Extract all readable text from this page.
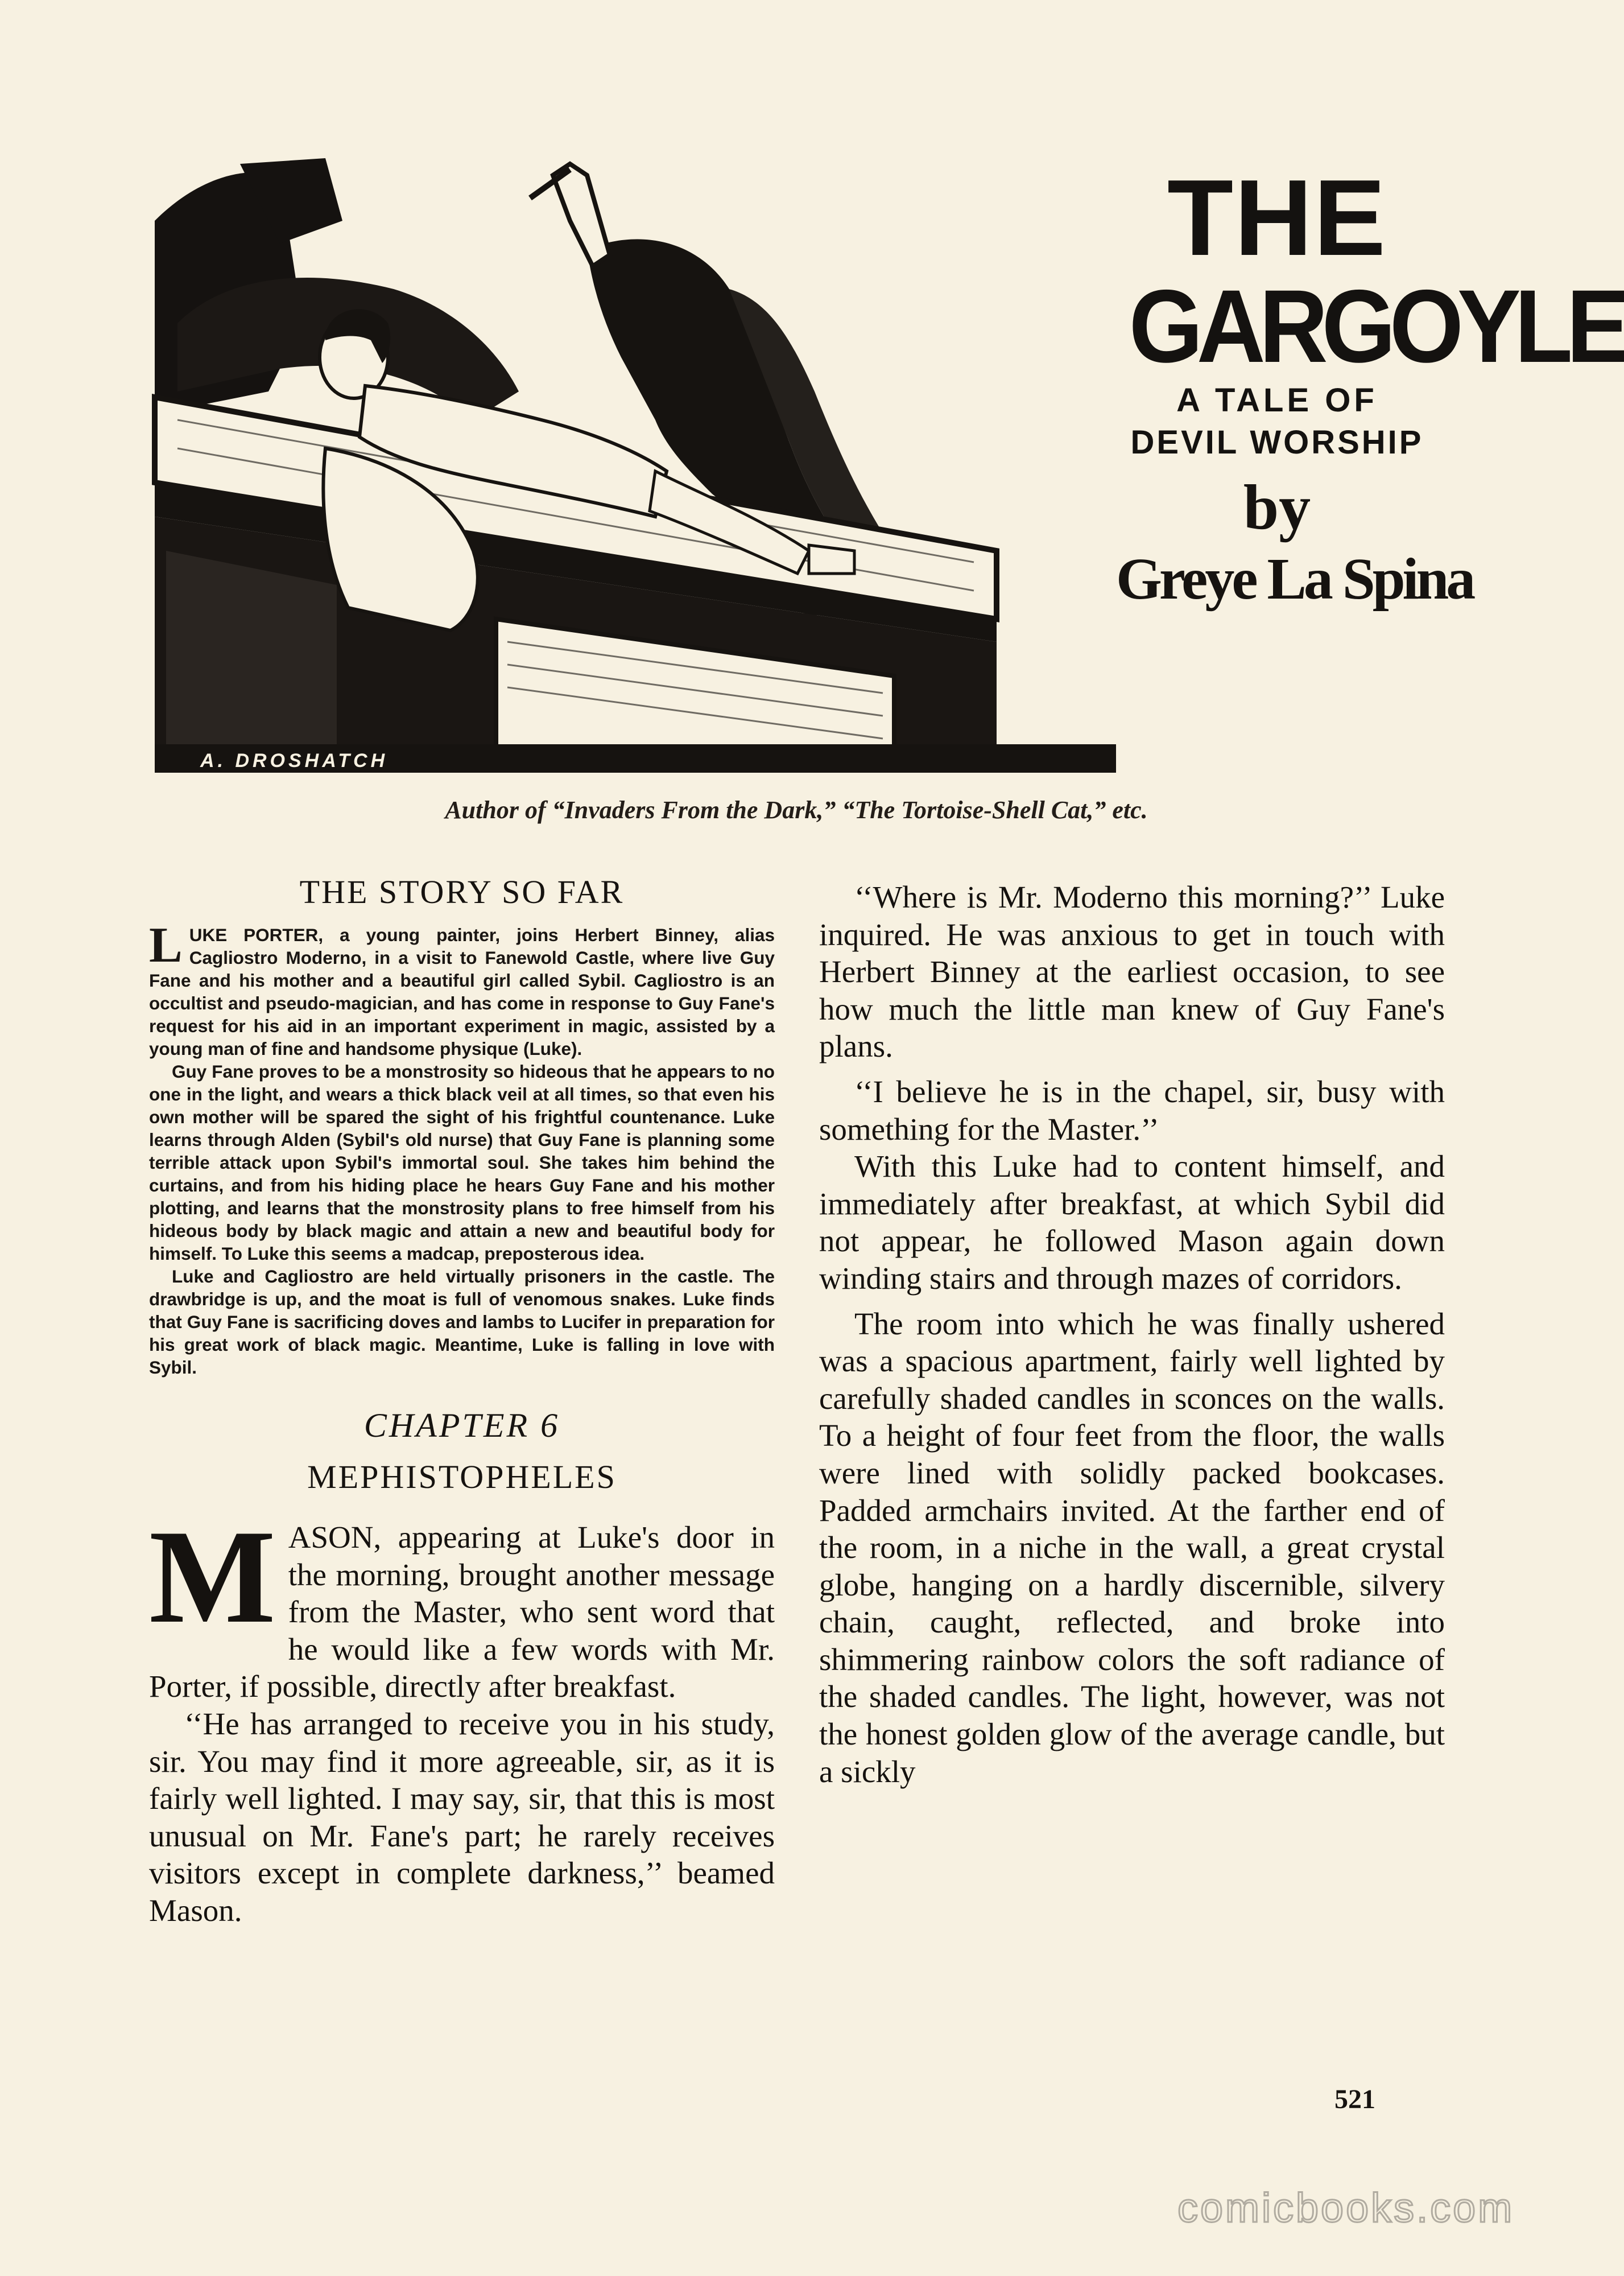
THE
GARGOYLE
A TALE OF
DEVIL WORSHIP
by
Greye La Spina
A. DROSHATCH
Author of “Invaders From the Dark,” “The Tortoise-Shell Cat,” etc.
THE STORY SO FAR

LUKE PORTER, a young painter, joins Herbert Binney, alias Cagliostro Moderno, in a visit to Fanewold Castle, where live Guy Fane and his mother and a beautiful girl called Sybil. Cagliostro is an occultist and pseudo-magician, and has come in response to Guy Fane's request for his aid in an important experiment in magic, assisted by a young man of fine and handsome physique (Luke).

Guy Fane proves to be a monstrosity so hideous that he appears to no one in the light, and wears a thick black veil at all times, so that even his own mother will be spared the sight of his frightful countenance. Luke learns through Alden (Sybil's old nurse) that Guy Fane is planning some terrible attack upon Sybil's immortal soul. She takes him behind the curtains, and from his hiding place he hears Guy Fane and his mother plotting, and learns that the monstrosity plans to free himself from his hideous body by black magic and attain a new and beautiful body for himself. To Luke this seems a madcap, preposterous idea.

Luke and Cagliostro are held virtually prisoners in the castle. The drawbridge is up, and the moat is full of venomous snakes. Luke finds that Guy Fane is sacrificing doves and lambs to Lucifer in preparation for his great work of black magic. Meantime, Luke is falling in love with Sybil.

CHAPTER 6
MEPHISTOPHELES

MASON, appearing at Luke's door in the morning, brought another message from the Master, who sent word that he would like a few words with Mr. Porter, if possible, directly after breakfast.

‘‘He has arranged to receive you in his study, sir. You may find it more agreeable, sir, as it is fairly well lighted. I may say, sir, that this is most unusual on Mr. Fane's part; he rarely receives visitors except in complete darkness,’’ beamed Mason.

‘‘Where is Mr. Moderno this morning?’’ Luke inquired. He was anxious to get in touch with Herbert Binney at the earliest occasion, to see how much the little man knew of Guy Fane's plans.

‘‘I believe he is in the chapel, sir, busy with something for the Master.’’

With this Luke had to content himself, and immediately after breakfast, at which Sybil did not appear, he followed Mason again down winding stairs and through mazes of corridors.

The room into which he was finally ushered was a spacious apartment, fairly well lighted by carefully shaded candles in sconces on the walls. To a height of four feet from the floor, the walls were lined with solidly packed bookcases. Padded armchairs invited. At the farther end of the room, in a niche in the wall, a great crystal globe, hanging on a hardly discernible, silvery chain, caught, reflected, and broke into shimmering rainbow colors the soft radiance of the shaded candles. The light, however, was not the honest golden glow of the average candle, but a sickly

521
comicbooks.com
